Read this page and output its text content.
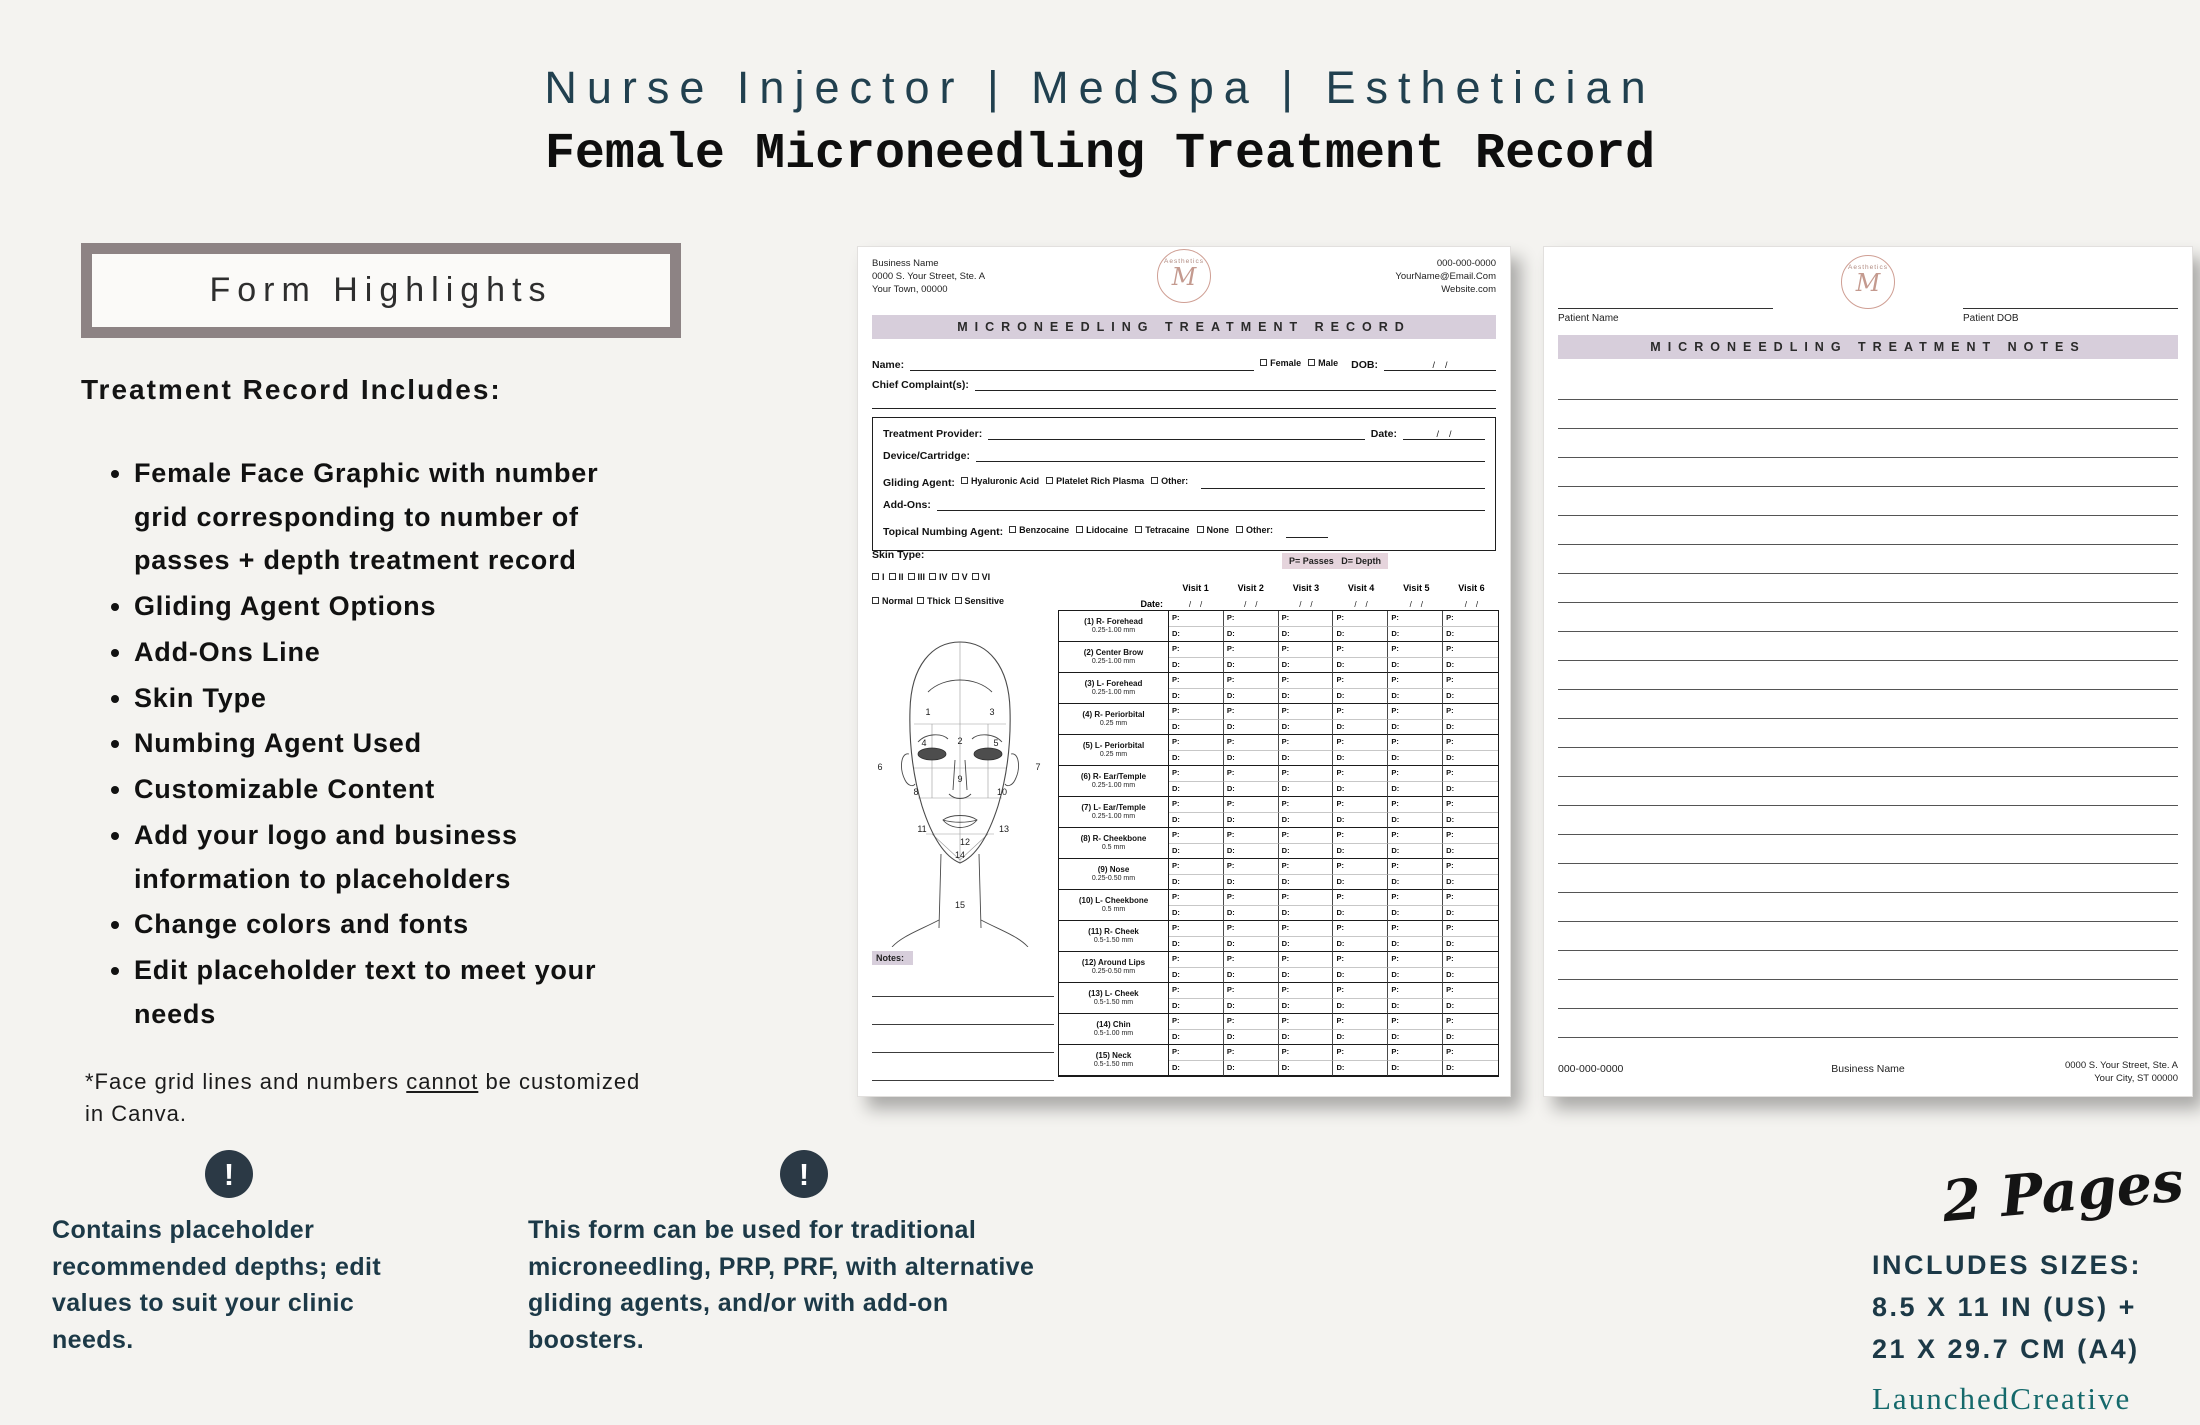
Nurse Injector | MedSpa | Esthetician
Female Microneedling Treatment Record
Form Highlights
Treatment Record Includes:
• Female Face Graphic with number grid corresponding to number of passes + depth treatment record
• Gliding Agent Options
• Add-Ons Line
• Skin Type
• Numbing Agent Used
• Customizable Content
• Add your logo and business information to placeholders
• Change colors and fonts
• Edit placeholder text to meet your needs

*Face grid lines and numbers cannot be customized in Canva.

Business Name
0000 S. Your Street, Ste. A
Your Town, 00000
000-000-0000
YourName@Email.Com
Website.com
Aesthetics
M
MICRONEEDLING TREATMENT RECORD
Name:	Female Male DOB:	/    /
Chief Complaint(s):
Treatment Provider:	Date:	/    /
Device/Cartridge:
Gliding Agent: Hyaluronic Acid Platelet Rich Plasma Other:
Add-Ons:
Topical Numbing Agent: Benzocaine Lidocaine Tetracaine None Other:
Skin Type:
I II III IV V VI
Normal Thick Sensitive
P= Passes   D= Depth
Visit 1	Visit 2	Visit 3	Visit 4	Visit 5	Visit 6
Date:	/    /	/    /	/    /	/    /	/    /	/    /
(1) R- Forehead
0.25-1.00 mm
P:	P:	P:	P:	P:	P:
D:	D:	D:	D:	D:	D:
(2) Center Brow
0.25-1.00 mm
P:	P:	P:	P:	P:	P:
D:	D:	D:	D:	D:	D:
(3) L- Forehead
0.25-1.00 mm
P:	P:	P:	P:	P:	P:
D:	D:	D:	D:	D:	D:
(4) R- Periorbital
0.25 mm
P:	P:	P:	P:	P:	P:
D:	D:	D:	D:	D:	D:
(5) L- Periorbital
0.25 mm
P:	P:	P:	P:	P:	P:
D:	D:	D:	D:	D:	D:
(6) R- Ear/Temple
0.25-1.00 mm
P:	P:	P:	P:	P:	P:
D:	D:	D:	D:	D:	D:
(7) L- Ear/Temple
0.25-1.00 mm
P:	P:	P:	P:	P:	P:
D:	D:	D:	D:	D:	D:
(8) R- Cheekbone
0.5 mm
P:	P:	P:	P:	P:	P:
D:	D:	D:	D:	D:	D:
(9) Nose
0.25-0.50 mm
P:	P:	P:	P:	P:	P:
D:	D:	D:	D:	D:	D:
(10) L- Cheekbone
0.5 mm
P:	P:	P:	P:	P:	P:
D:	D:	D:	D:	D:	D:
(11) R- Cheek
0.5-1.50 mm
P:	P:	P:	P:	P:	P:
D:	D:	D:	D:	D:	D:
(12) Around Lips
0.25-0.50 mm
P:	P:	P:	P:	P:	P:
D:	D:	D:	D:	D:	D:
(13) L- Cheek
0.5-1.50 mm
P:	P:	P:	P:	P:	P:
D:	D:	D:	D:	D:	D:
(14) Chin
0.5-1.00 mm
P:	P:	P:	P:	P:	P:
D:	D:	D:	D:	D:	D:
(15) Neck
0.5-1.50 mm
P:	P:	P:	P:	P:	P:
D:	D:	D:	D:	D:	D:
1
2
3
4	5
6	7
8
9
10
11
12
13
14
15
Notes:
Aesthetics
M
Patient Name	Patient DOB
MICRONEEDLING TREATMENT NOTES
000-000-0000	Business Name	0000 S. Your Street, Ste. A
Your City, ST 00000
!
Contains placeholder recommended depths; edit values to suit your clinic needs.
!
This form can be used for traditional microneedling, PRP, PRF, with alternative gliding agents, and/or with add-on boosters.
2 Pages
INCLUDES SIZES:
8.5 X 11 IN (US) +
21 X 29.7 CM (A4)
LaunchedCreative
